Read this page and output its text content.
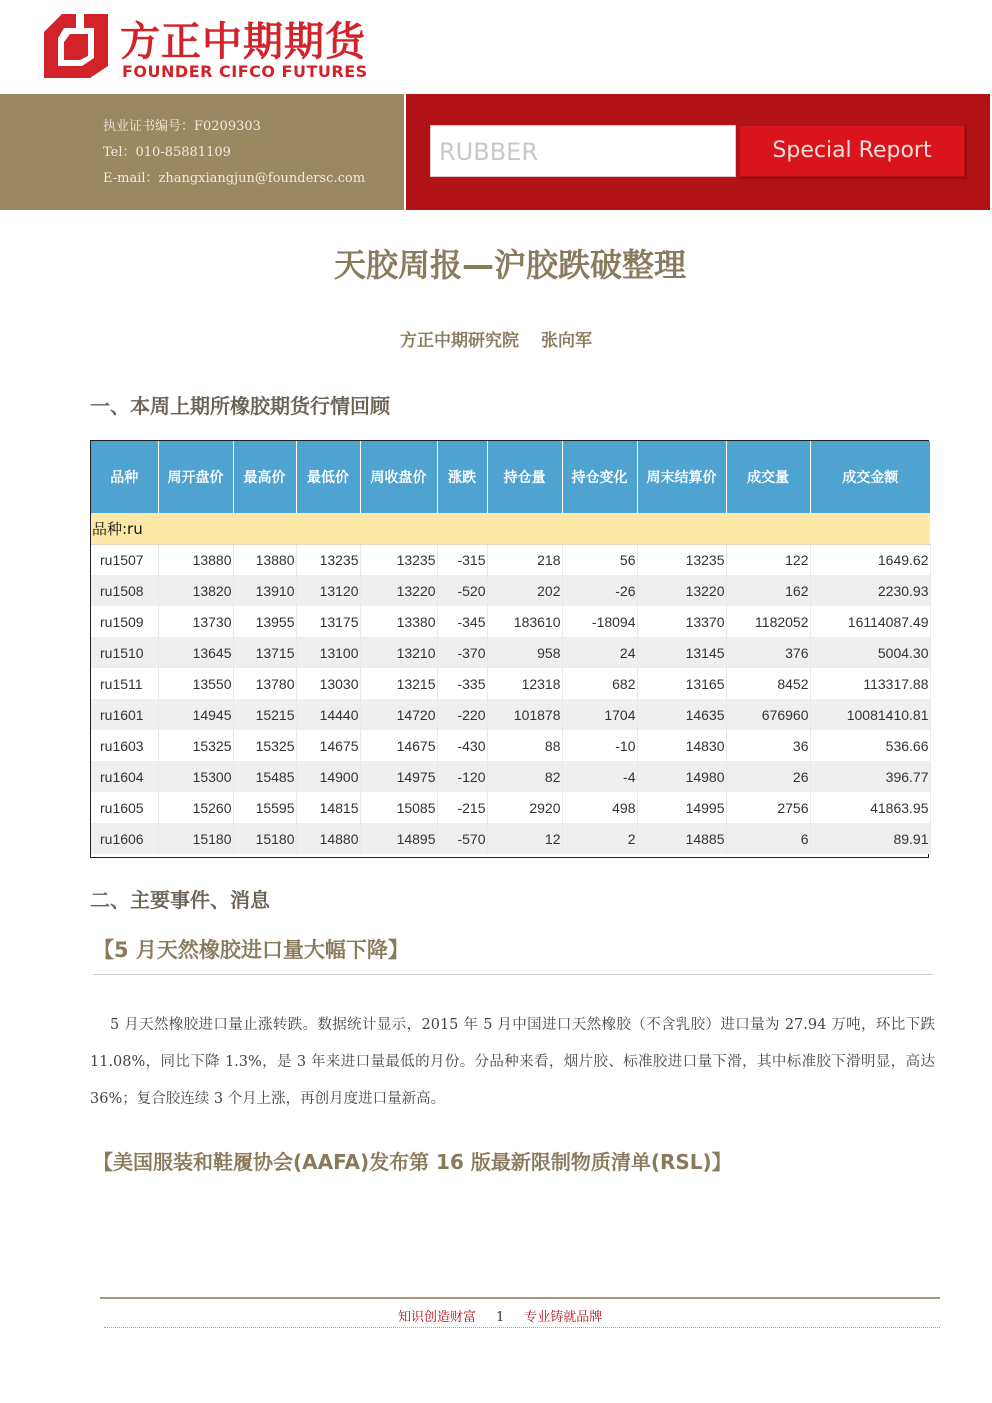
方正中期期货
FOUNDER CIFCO FUTURES
执业证书编号：F0209303
Tel：010-85881109
E-mail：zhangxiangjun@foundersc.com
RUBBER	Special Report
天胶周报—沪胶跌破整理
方正中期研究院 张向军
一、本周上期所橡胶期货行情回顾
品种	周开盘价	最高价	最低价	周收盘价	涨跌	持仓量	持仓变化	周末结算价	成交量	成交金额
品种:ru										
ru1507	13880	13880	13235	13235	-315	218	56	13235	122	1649.62
ru1508	13820	13910	13120	13220	-520	202	-26	13220	162	2230.93
ru1509	13730	13955	13175	13380	-345	183610	-18094	13370	1182052	16114087.49
ru1510	13645	13715	13100	13210	-370	958	24	13145	376	5004.30
ru1511	13550	13780	13030	13215	-335	12318	682	13165	8452	113317.88
ru1601	14945	15215	14440	14720	-220	101878	1704	14635	676960	10081410.81
ru1603	15325	15325	14675	14675	-430	88	-10	14830	36	536.66
ru1604	15300	15485	14900	14975	-120	82	-4	14980	26	396.77
ru1605	15260	15595	14815	15085	-215	2920	498	14995	2756	41863.95
ru1606	15180	15180	14880	14895	-570	12	2	14885	6	89.91
二、主要事件、消息
【5 月天然橡胶进口量大幅下降】
5 月天然橡胶进口量止涨转跌。数据统计显示，2015 年 5 月中国进口天然橡胶（不含乳胶）进口量为 27.94 万吨，环比下跌 11.08%，同比下降 1.3%，是 3 年来进口量最低的月份。分品种来看，烟片胶、标准胶进口量下滑，其中标准胶下滑明显，高达 36%；复合胶连续 3 个月上涨，再创月度进口量新高。
【美国服装和鞋履协会(AAFA)发布第 16 版最新限制物质清单(RSL)】
知识创造财富 1 专业铸就品牌
